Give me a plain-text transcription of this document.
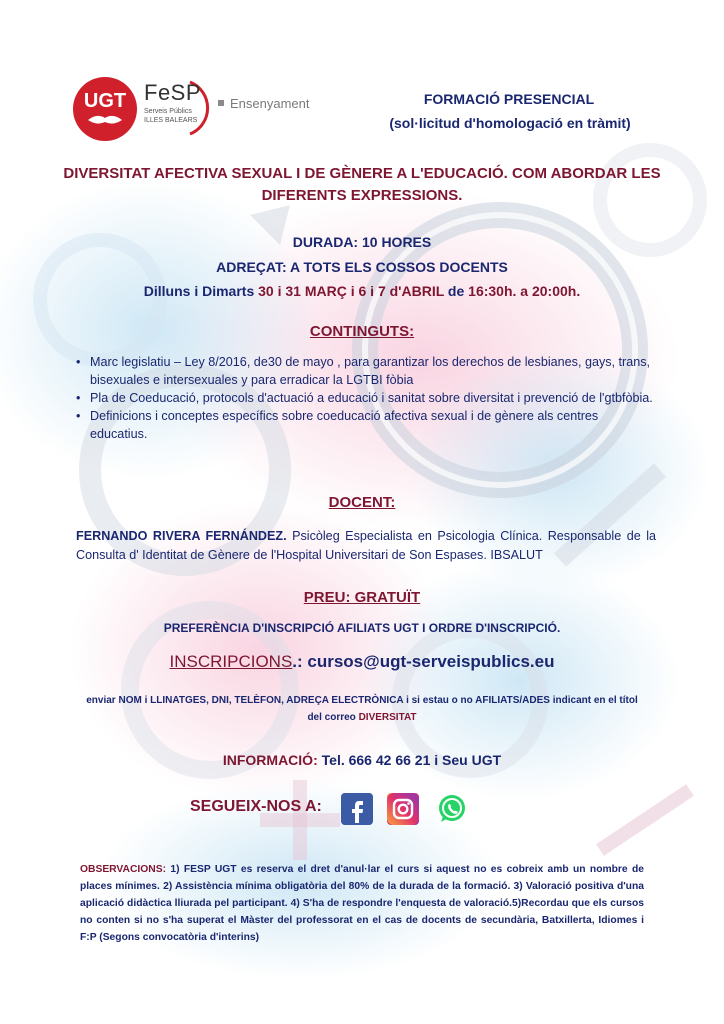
UGT FeSP
Serveis Públics
ILLES BALEARS
Ensenyament	FORMACIÓ PRESENCIAL
(sol·licitud d'homologació en tràmit)
DIVERSITAT AFECTIVA SEXUAL I DE GÈNERE A L'EDUCACIÓ. COM ABORDAR LES DIFERENTS EXPRESSIONS.
DURADA: 10 HORES
ADREÇAT: A TOTS ELS COSSOS DOCENTS
Dilluns i Dimarts 30 i 31 MARÇ i 6 i 7 d'ABRIL de 16:30h. a 20:00h.
CONTINGUTS:
• Marc legislatiu – Ley 8/2016, de30 de mayo , para garantizar los derechos de lesbianes, gays, trans, bisexuales e intersexuales y para erradicar la LGTBI fòbia
• Pla de Coeducació, protocols d'actuació a educació i sanitat sobre diversitat i prevenció de l'gtbfòbia.
• Definicions i conceptes específics sobre coeducació afectiva sexual i de gènere als centres educatius.
DOCENT:
FERNANDO RIVERA FERNÁNDEZ. Psicòleg Especialista en Psicologia Clínica. Responsable de la Consulta d' Identitat de Gènere de l'Hospital Universitari de Son Espases. IBSALUT
PREU: GRATUÏT
PREFERÈNCIA D'INSCRIPCIÓ AFILIATS UGT I ORDRE D'INSCRIPCIÓ.
INSCRIPCIONS.: cursos@ugt-serveispublics.eu
enviar NOM i LLINATGES, DNI, TELÈFON, ADREÇA ELECTRÒNICA i si estau o no AFILIATS/ADES indicant en el títol del correo DIVERSITAT
INFORMACIÓ: Tel. 666 42 66 21 i Seu UGT
SEGUEIX-NOS A:
OBSERVACIONS: 1) FESP UGT es reserva el dret d'anul·lar el curs si aquest no es cobreix amb un nombre de places mínimes. 2) Assistència mínima obligatòria del 80% de la durada de la formació. 3) Valoració positiva d'una aplicació didàctica lliurada pel participant. 4) S'ha de respondre l'enquesta de valoració.5)Recordau que els cursos no conten si no s'ha superat el Màster del professorat en el cas de docents de secundària, Batxillerta, Idiomes i F:P (Segons convocatòria d'interins)
